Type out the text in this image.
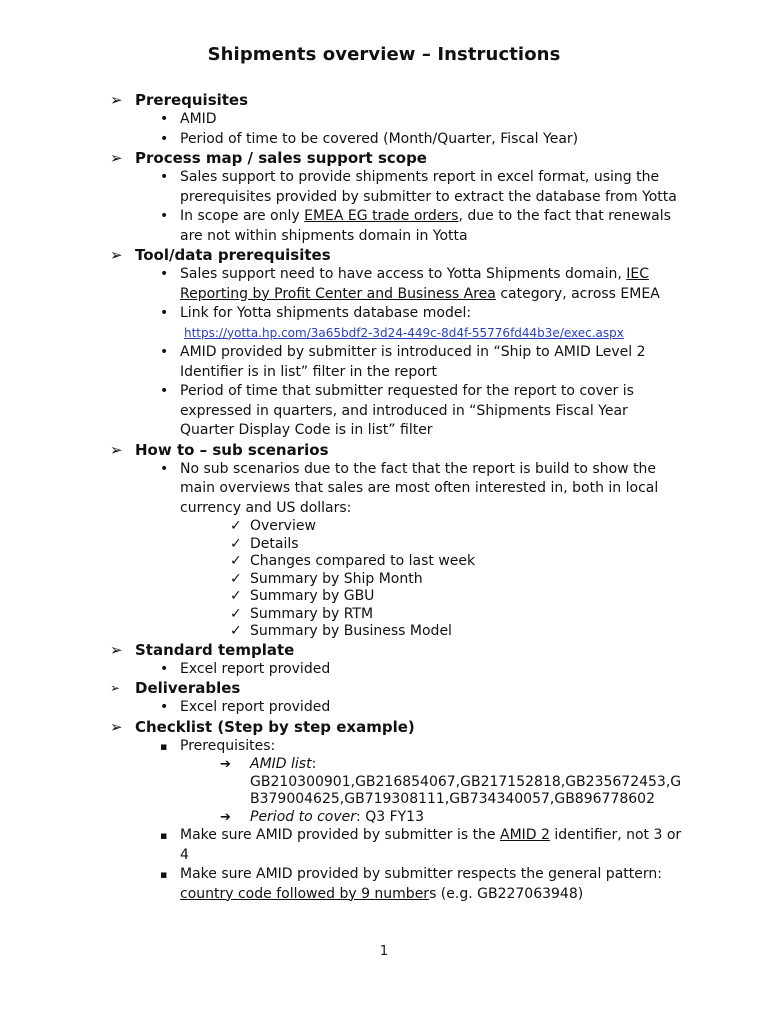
Shipments overview – Instructions
➢ Prerequisites
• AMID
• Period of time to be covered (Month/Quarter, Fiscal Year)
➢ Process map / sales support scope
• Sales support to provide shipments report in excel format, using the prerequisites provided by submitter to extract the database from Yotta
• In scope are only EMEA EG trade orders, due to the fact that renewals are not within shipments domain in Yotta
➢ Tool/data prerequisites
• Sales support need to have access to Yotta Shipments domain, IEC Reporting by Profit Center and Business Area category, across EMEA
• Link for Yotta shipments database model:
https://yotta.hp.com/3a65bdf2-3d24-449c-8d4f-55776fd44b3e/exec.aspx
• AMID provided by submitter is introduced in “Ship to AMID Level 2 Identifier is in list” filter in the report
• Period of time that submitter requested for the report to cover is expressed in quarters, and introduced in “Shipments Fiscal Year Quarter Display Code is in list” filter
➢ How to – sub scenarios
• No sub scenarios due to the fact that the report is build to show the main overviews that sales are most often interested in, both in local currency and US dollars:
✓ Overview
✓ Details
✓ Changes compared to last week
✓ Summary by Ship Month
✓ Summary by GBU
✓ Summary by RTM
✓ Summary by Business Model
➢ Standard template
• Excel report provided
➢ Deliverables
• Excel report provided
➢ Checklist (Step by step example)
▪ Prerequisites:
➔ AMID list:
GB210300901,GB216854067,GB217152818,GB235672453,GB379004625,GB719308111,GB734340057,GB896778602
➔ Period to cover: Q3 FY13
▪ Make sure AMID provided by submitter is the AMID 2 identifier, not 3 or 4
▪ Make sure AMID provided by submitter respects the general pattern: country code followed by 9 numbers (e.g. GB227063948)
1
